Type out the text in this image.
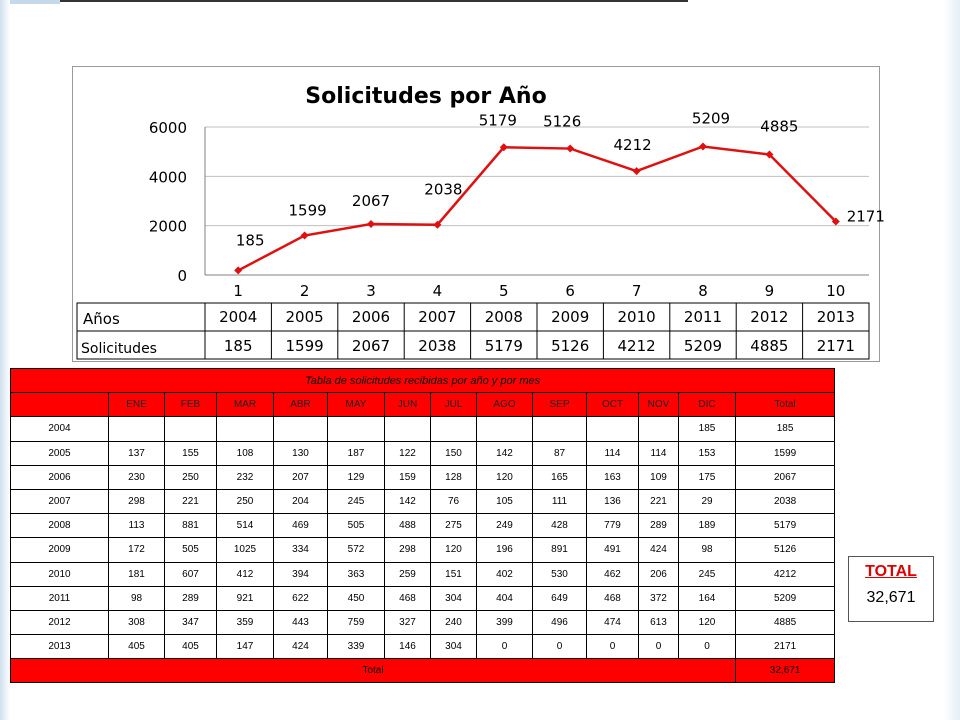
Solicitudes por Año
0
2000
4000
6000
1	2	3	4	5	6	7	8	9	10
185
1599
2067
2038
5179 5126
4212
5209 4885
2171
Años
Solicitudes
2004 2005 2006 2007 2008 2009 2010 2011 2012 2013
185 1599 2067 2038 5179 5126 4212 5209 4885 2171
Tabla de solicitudes recibidas por año y por mes													
	ENE	FEB	MAR	ABR	MAY	JUN	JUL	AGO	SEP	OCT	NOV	DIC	Total
2004												185	185
2005	137	155	108	130	187	122	150	142	87	114	114	153	1599
2006	230	250	232	207	129	159	128	120	165	163	109	175	2067
2007	298	221	250	204	245	142	76	105	111	136	221	29	2038
2008	113	881	514	469	505	488	275	249	428	779	289	189	5179
2009	172	505	1025	334	572	298	120	196	891	491	424	98	5126
2010	181	607	412	394	363	259	151	402	530	462	206	245	4212
2011	98	289	921	622	450	468	304	404	649	468	372	164	5209
2012	308	347	359	443	759	327	240	399	496	474	613	120	4885
2013	405	405	147	424	339	146	304	0	0	0	0	0	2171
Total													32,671
TOTAL
32,671
